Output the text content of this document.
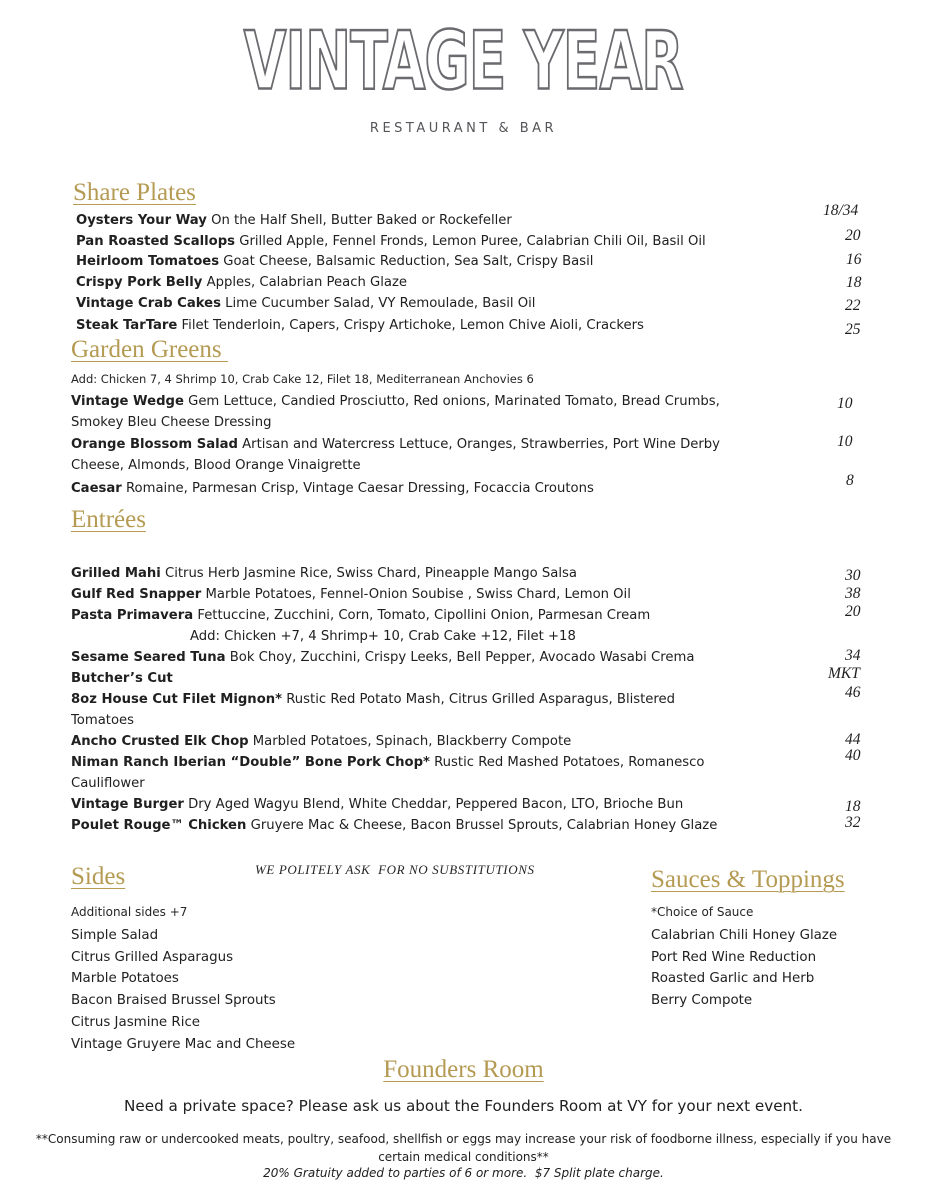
VINTAGE YEAR
RESTAURANT & BAR
Share Plates
Oysters Your Way On the Half Shell, Butter Baked or Rockefeller
Pan Roasted Scallops Grilled Apple, Fennel Fronds, Lemon Puree, Calabrian Chili Oil, Basil Oil
Heirloom Tomatoes Goat Cheese, Balsamic Reduction, Sea Salt, Crispy Basil
Crispy Pork Belly Apples, Calabrian Peach Glaze
Vintage Crab Cakes Lime Cucumber Salad, VY Remoulade, Basil Oil
Steak TarTare Filet Tenderloin, Capers, Crispy Artichoke, Lemon Chive Aioli, Crackers
18/34
20
16
18
22
25
Garden Greens
Add: Chicken 7, 4 Shrimp 10, Crab Cake 12, Filet 18, Mediterranean Anchovies 6
Vintage Wedge Gem Lettuce, Candied Prosciutto, Red onions, Marinated Tomato, Bread Crumbs, Smokey Bleu Cheese Dressing
Orange Blossom Salad Artisan and Watercress Lettuce, Oranges, Strawberries, Port Wine Derby Cheese, Almonds, Blood Orange Vinaigrette
Caesar Romaine, Parmesan Crisp, Vintage Caesar Dressing, Focaccia Croutons
10
10
8
Entrées
Grilled Mahi Citrus Herb Jasmine Rice, Swiss Chard, Pineapple Mango Salsa
Gulf Red Snapper Marble Potatoes, Fennel-Onion Soubise , Swiss Chard, Lemon Oil
Pasta Primavera Fettuccine, Zucchini, Corn, Tomato, Cipollini Onion, Parmesan Cream
Add: Chicken +7, 4 Shrimp+ 10, Crab Cake +12, Filet +18
Sesame Seared Tuna Bok Choy, Zucchini, Crispy Leeks, Bell Pepper, Avocado Wasabi Crema
Butcher’s Cut
8oz House Cut Filet Mignon* Rustic Red Potato Mash, Citrus Grilled Asparagus, Blistered Tomatoes
Ancho Crusted Elk Chop Marbled Potatoes, Spinach, Blackberry Compote
Niman Ranch Iberian “Double” Bone Pork Chop* Rustic Red Mashed Potatoes, Romanesco Cauliflower
Vintage Burger Dry Aged Wagyu Blend, White Cheddar, Peppered Bacon, LTO, Brioche Bun
Poulet Rouge™ Chicken Gruyere Mac & Cheese, Bacon Brussel Sprouts, Calabrian Honey Glaze
30
38
20
34
MKT
46
44
40
18
32
WE POLITELY ASK  FOR NO SUBSTITUTIONS
Sides
Additional sides +7
Simple Salad
Citrus Grilled Asparagus
Marble Potatoes
Bacon Braised Brussel Sprouts
Citrus Jasmine Rice
Vintage Gruyere Mac and Cheese
Sauces & Toppings
*Choice of Sauce
Calabrian Chili Honey Glaze
Port Red Wine Reduction
Roasted Garlic and Herb
Berry Compote
Founders Room
Need a private space? Please ask us about the Founders Room at VY for your next event.
**Consuming raw or undercooked meats, poultry, seafood, shellfish or eggs may increase your risk of foodborne illness, especially if you have certain medical conditions**
20% Gratuity added to parties of 6 or more.  $7 Split plate charge.
